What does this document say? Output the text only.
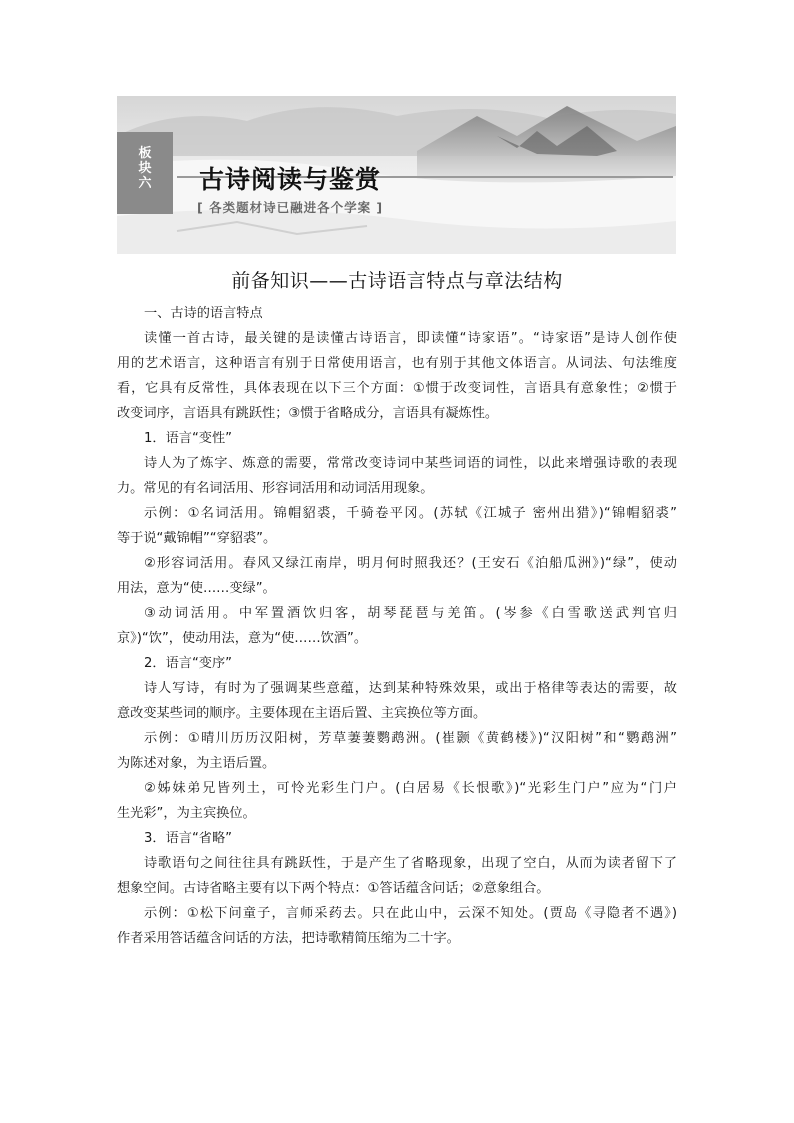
板块六 古诗阅读与鉴赏
[ 各类题材诗已融进各个学案 ]
前备知识——古诗语言特点与章法结构
一、古诗的语言特点
读懂一首古诗，最关键的是读懂古诗语言，即读懂“诗家语”。“诗家语”是诗人创作使
用的艺术语言，这种语言有别于日常使用语言，也有别于其他文体语言。从词法、句法维度
看，它具有反常性，具体表现在以下三个方面：①惯于改变词性，言语具有意象性；②惯于
改变词序，言语具有跳跃性；③惯于省略成分，言语具有凝炼性。
1．语言“变性”
诗人为了炼字、炼意的需要，常常改变诗词中某些词语的词性，以此来增强诗歌的表现
力。常见的有名词活用、形容词活用和动词活用现象。
示例：①名词活用。锦帽貂裘，千骑卷平冈。(苏轼《江城子 密州出猎》)“锦帽貂裘”
等于说“戴锦帽”“穿貂裘”。
②形容词活用。春风又绿江南岸，明月何时照我还？(王安石《泊船瓜洲》)“绿”，使动
用法，意为“使……变绿”。
③动词活用。中军置酒饮归客，胡琴琵琶与羌笛。(岑参《白雪歌送武判官归
京》)“饮”，使动用法，意为“使……饮酒”。
2．语言“变序”
诗人写诗，有时为了强调某些意蕴，达到某种特殊效果，或出于格律等表达的需要，故
意改变某些词的顺序。主要体现在主语后置、主宾换位等方面。
示例：①晴川历历汉阳树，芳草萋萋鹦鹉洲。(崔颢《黄鹤楼》)“汉阳树”和“鹦鹉洲”
为陈述对象，为主语后置。
②姊妹弟兄皆列土，可怜光彩生门户。(白居易《长恨歌》)“光彩生门户”应为“门户
生光彩”，为主宾换位。
3．语言“省略”
诗歌语句之间往往具有跳跃性，于是产生了省略现象，出现了空白，从而为读者留下了
想象空间。古诗省略主要有以下两个特点：①答话蕴含问话；②意象组合。
示例：①松下问童子，言师采药去。只在此山中，云深不知处。(贾岛《寻隐者不遇》)
作者采用答话蕴含问话的方法，把诗歌精简压缩为二十字。
